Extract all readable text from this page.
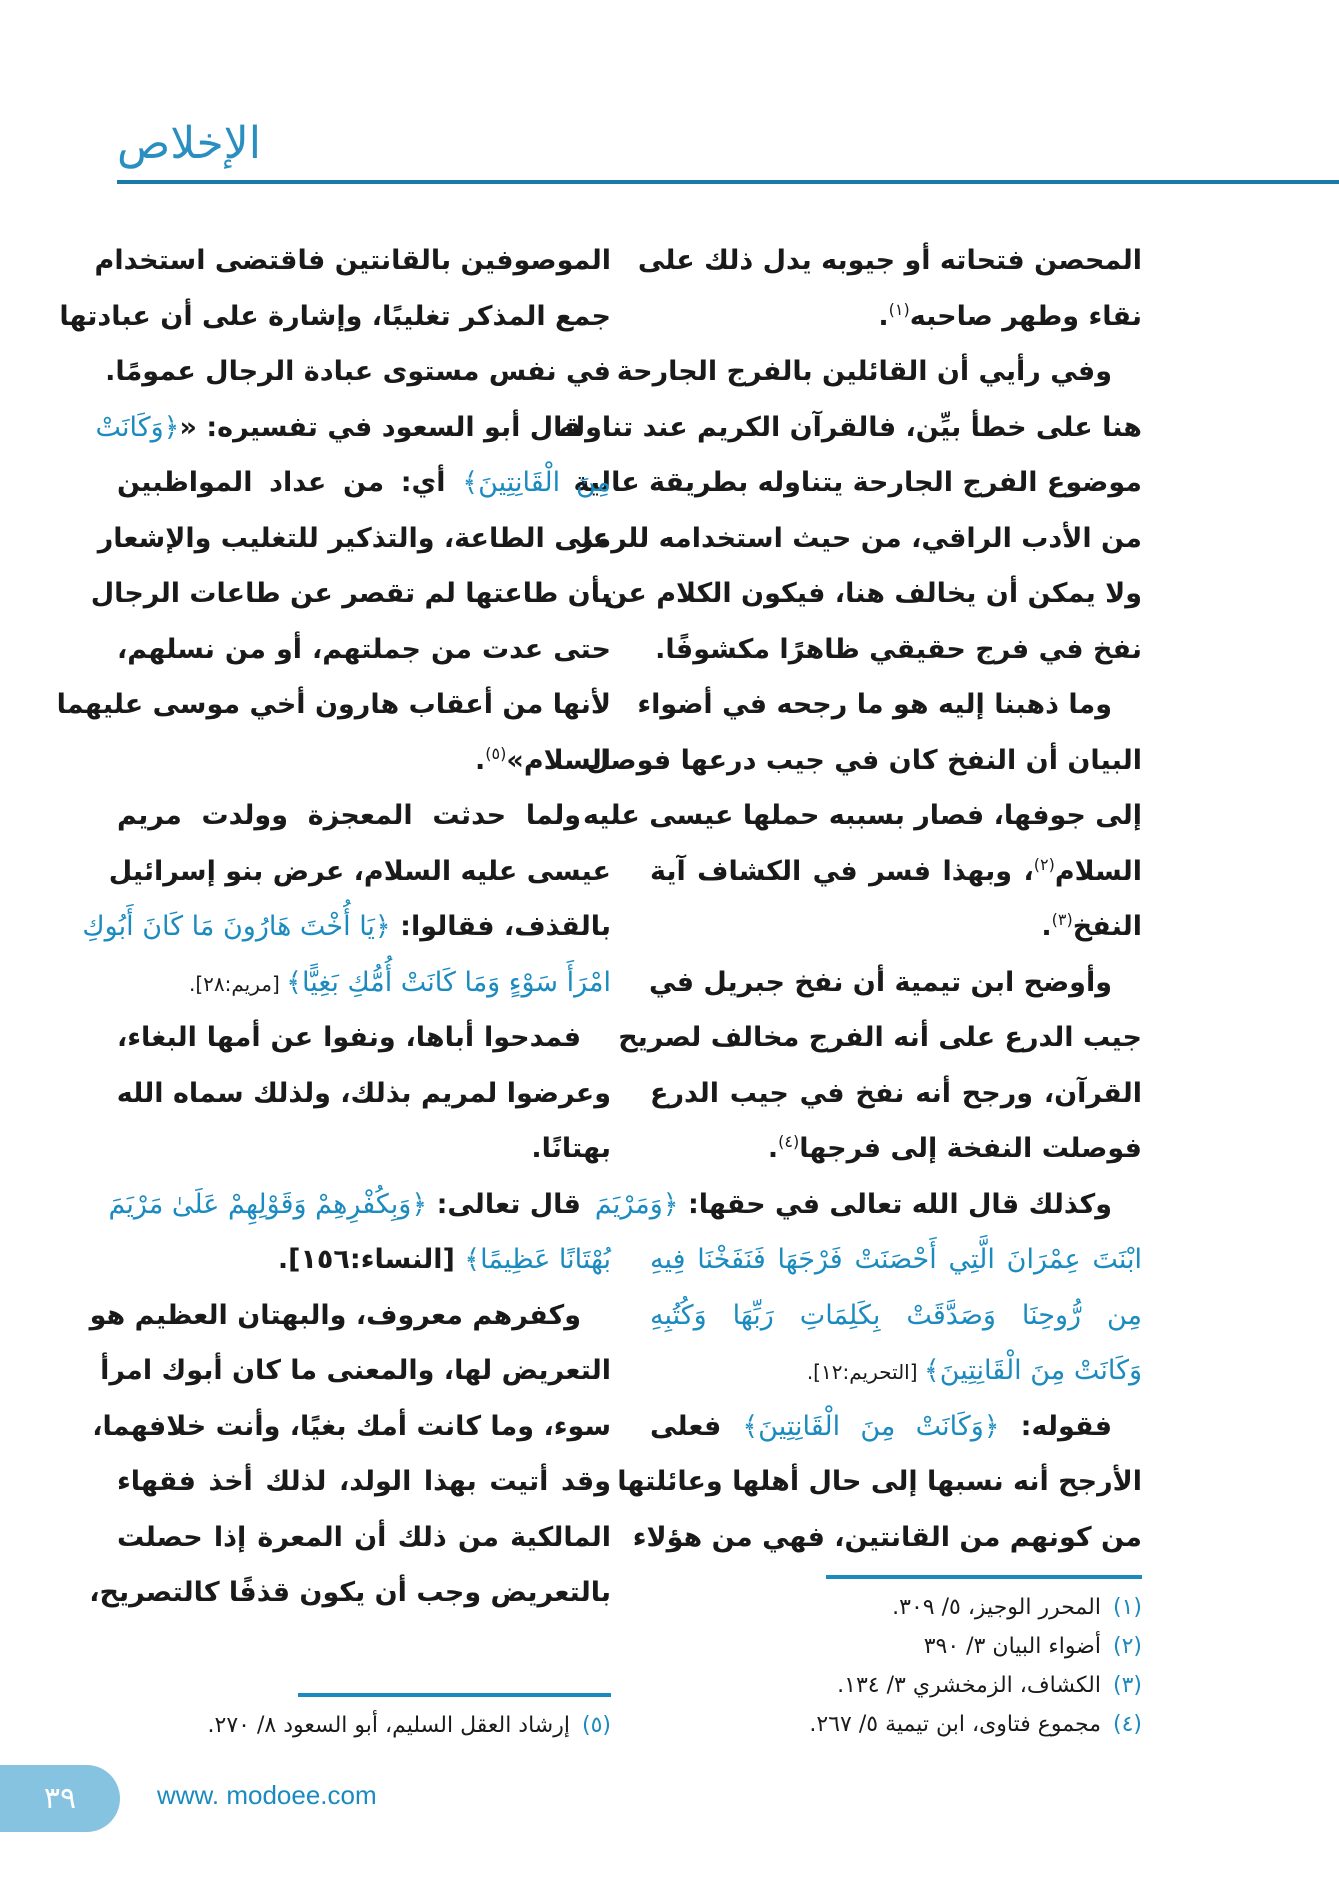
الإخلاص
المحصن فتحاته أو جيوبه يدل ذلك على
نقاء وطهر صاحبه$^{(١)}$.
وفي رأيي أن القائلين بالفرج الجارحة
هنا على خطأ بيِّن، فالقرآن الكريم عند تناوله
موضوع الفرج الجارحة يتناوله بطريقة عالية
من الأدب الراقي، من حيث استخدامه للرمز
ولا يمكن أن يخالف هنا، فيكون الكلام عن
نفخ في فرج حقيقي ظاهرًا مكشوفًا.
وما ذهبنا إليه هو ما رجحه في أضواء
البيان أن النفخ كان في جيب درعها فوصل
إلى جوفها، فصار بسببه حملها عيسى عليه
السلام$^{(٢)}$، وبهذا فسر في الكشاف آية
النفخ$^{(٣)}$.
وأوضح ابن تيمية أن نفخ جبريل في
جيب الدرع على أنه الفرج مخالف لصريح
القرآن، ورجح أنه نفخ في جيب الدرع
فوصلت النفخة إلى فرجها$^{(٤)}$.
وكذلك قال الله تعالى في حقها: ﴿وَمَرْيَمَ
ابْنَتَ عِمْرَانَ الَّتِي أَحْصَنَتْ فَرْجَهَا فَنَفَخْنَا فِيهِ
مِن رُّوحِنَا وَصَدَّقَتْ بِكَلِمَاتِ رَبِّهَا وَكُتُبِهِ
وَكَانَتْ مِنَ الْقَانِتِينَ﴾ [التحريم:١٢].
فقوله: ﴿وَكَانَتْ مِنَ الْقَانِتِينَ﴾ فعلى
الأرجح أنه نسبها إلى حال أهلها وعائلتها
من كونهم من القانتين، فهي من هؤلاء
الموصوفين بالقانتين فاقتضى استخدام
جمع المذكر تغليبًا، وإشارة على أن عبادتها
في نفس مستوى عبادة الرجال عمومًا.
قال أبو السعود في تفسيره: «﴿وَكَانَتْ
مِنَ الْقَانِتِينَ﴾ أي: من عداد المواظبين
على الطاعة، والتذكير للتغليب والإشعار
بأن طاعتها لم تقصر عن طاعات الرجال
حتى عدت من جملتهم، أو من نسلهم،
لأنها من أعقاب هارون أخي موسى عليهما
السلام»$^{(٥)}$.
ولما حدثت المعجزة وولدت مريم
عيسى عليه السلام، عرض بنو إسرائيل
بالقذف، فقالوا: ﴿يَا أُخْتَ هَارُونَ مَا كَانَ أَبُوكِ
امْرَأَ سَوْءٍ وَمَا كَانَتْ أُمُّكِ بَغِيًّا﴾ [مريم:٢٨].
فمدحوا أباها، ونفوا عن أمها البغاء،
وعرضوا لمريم بذلك، ولذلك سماه الله
بهتانًا.
قال تعالى: ﴿وَبِكُفْرِهِمْ وَقَوْلِهِمْ عَلَىٰ مَرْيَمَ
بُهْتَانًا عَظِيمًا﴾ [النساء:١٥٦].
وكفرهم معروف، والبهتان العظيم هو
التعريض لها، والمعنى ما كان أبوك امرأ
سوء، وما كانت أمك بغيًا، وأنت خلافهما،
وقد أتيت بهذا الولد، لذلك أخذ فقهاء
المالكية من ذلك أن المعرة إذا حصلت
بالتعريض وجب أن يكون قذفًا كالتصريح،	(١)المحرر الوجيز، ٥/ ٣٠٩.
(٢)أضواء البيان ٣/ ٣٩٠
(٣)الكشاف، الزمخشري ٣/ ١٣٤.
(٤)مجموع فتاوى، ابن تيمية ٥/ ٢٦٧.
(٥)إرشاد العقل السليم، أبو السعود ٨/ ٢٧٠.
٣٩	www. modoee.com
